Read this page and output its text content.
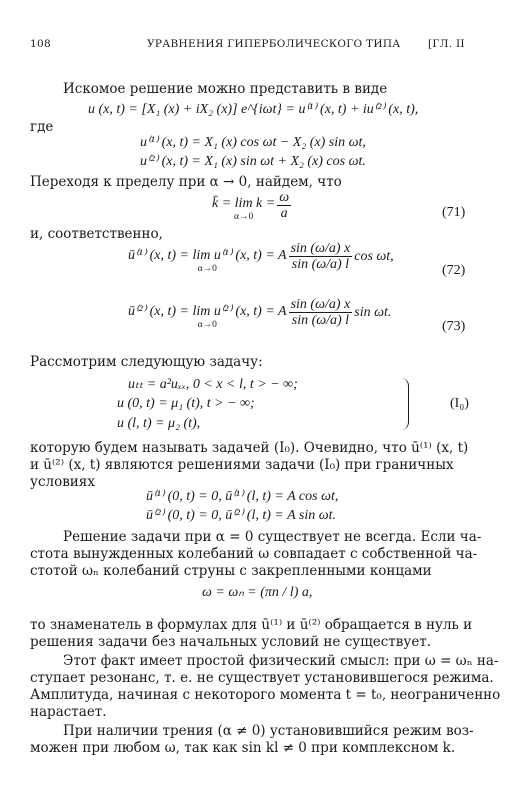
108	УРАВНЕНИЯ ГИПЕРБОЛИЧЕСКОГО ТИПА	[ГЛ. II
Искомое решение можно представить в виде
u (x, t) = [X₁ (x) + iX₂ (x)] e^{iωt} = u⁽¹⁾ (x, t) + iu⁽²⁾ (x, t),
где
u⁽¹⁾ (x, t) = X₁ (x) cos ωt − X₂ (x) sin ωt,
u⁽²⁾ (x, t) = X₁ (x) sin ωt + X₂ (x) cos ωt.
Переходя к пределу при α → 0, найдем, что
k̄ = lim k =
$\alpha\to 0 \frac{\omega}{a}$	(71)
и, соответственно,
ū⁽¹⁾ (x, t) = lim u⁽¹⁾ (x, t) = A
α→0	$\frac{\sin (\omega/a) x}{\sin (\omega/a) l}$ cos ωt,
(72)
ū⁽²⁾ (x, t) = lim u⁽²⁾ (x, t) = A
α→0	$\frac{\sin (\omega/a) x}{\sin (\omega/a) l}$ sin ωt.
(73)
Рассмотрим следующую задачу:
uₜₜ = a²uₓₓ, 0 < x < l, t > − ∞;
u (0, t) = μ₁ (t), t > − ∞;
u (l, t) = μ₂ (t),
(I₀)
которую будем называть задачей (I₀). Очевидно, что ū⁽¹⁾ (x, t)
и ū⁽²⁾ (x, t) являются решениями задачи (I₀) при граничных
условиях
ū⁽¹⁾ (0, t) = 0, ū⁽¹⁾ (l, t) = A cos ωt,
ū⁽²⁾ (0, t) = 0, ū⁽²⁾ (l, t) = A sin ωt.
Решение задачи при α = 0 существует не всегда. Если ча-
стота вынужденных колебаний ω совпадает с собственной ча-
стотой ωₙ колебаний струны с закрепленными концами
ω = ωₙ = (πn / l) a,
то знаменатель в формулах для ū⁽¹⁾ и ū⁽²⁾ обращается в нуль и
решения задачи без начальных условий не существует.
Этот факт имеет простой физический смысл: при ω = ωₙ на-
ступает резонанс, т. е. не существует установившегося режима.
Амплитуда, начиная с некоторого момента t = t₀, неограниченно
нарастает.
При наличии трения (α ≠ 0) установившийся режим воз-
можен при любом ω, так как sin kl ≠ 0 при комплексном k.
